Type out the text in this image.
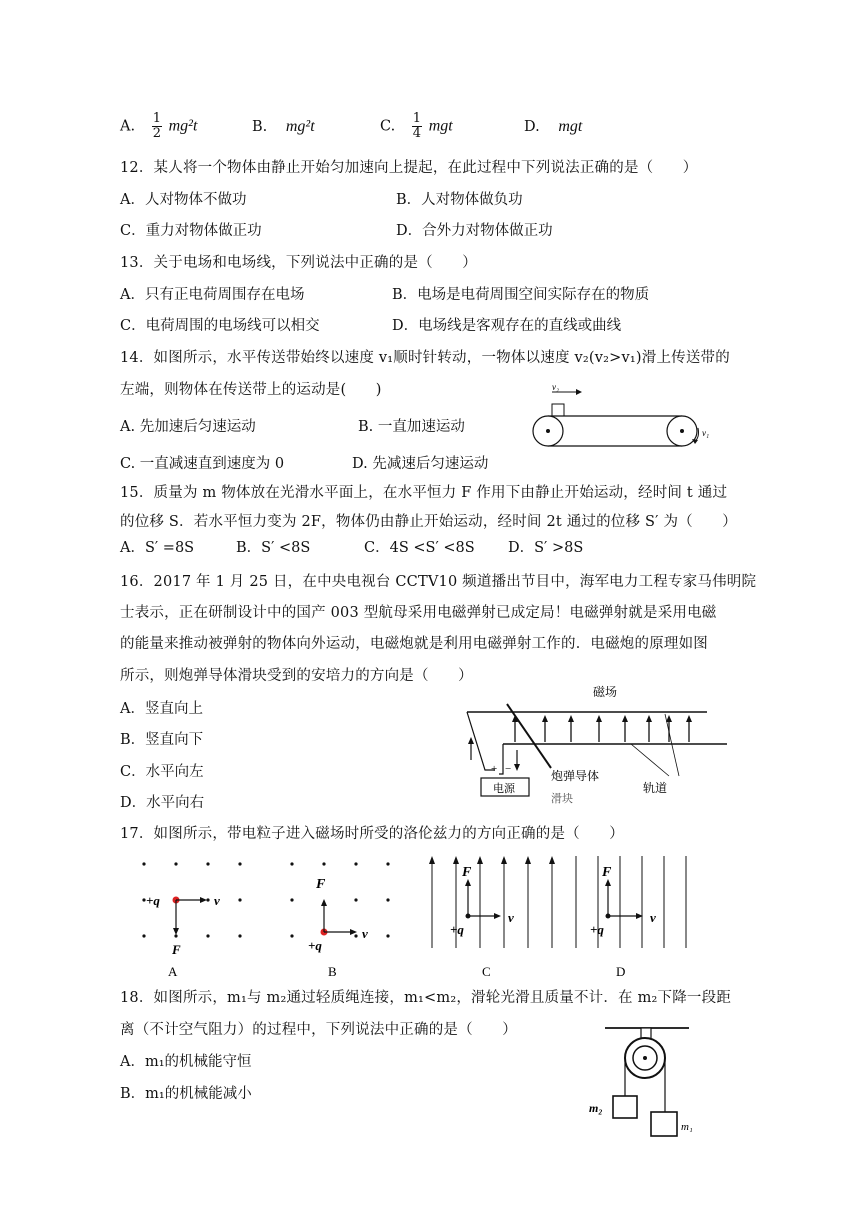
A. $\frac{1}{2} mg^2t$	B. mg²t	C. $\frac{1}{4}$ mgt	D. mgt
12．某人将一个物体由静止开始匀加速向上提起，在此过程中下列说法正确的是（　　）
A．人对物体不做功	B．人对物体做负功
C．重力对物体做正功	D．合外力对物体做正功
13．关于电场和电场线，下列说法中正确的是（　　）
A．只有正电荷周围存在电场	B．电场是电荷周围空间实际存在的物质
C．电荷周围的电场线可以相交	D．电场线是客观存在的直线或曲线
14．如图所示，水平传送带始终以速度 v₁顺时针转动，一物体以速度 v₂(v₂>v₁)滑上传送带的
左端，则物体在传送带上的运动是(　　)
A. 先加速后匀速运动	B. 一直加速运动
C. 一直减速直到速度为 0	D. 先减速后匀速运动
v₂
v₁
15．质量为 m 物体放在光滑水平面上，在水平恒力 F 作用下由静止开始运动，经时间 t 通过
的位移 S．若水平恒力变为 2F，物体仍由静止开始运动，经时间 2t 通过的位移 S′ 为（　　）
A．S′ =8S	B．S′ <8S	C．4S <S′ <8S D．S′ >8S
16．2017 年 1 月 25 日，在中央电视台 CCTV10 频道播出节目中，海军电力工程专家马伟明院
士表示，正在研制设计中的国产 003 型航母采用电磁弹射已成定局！电磁弹射就是采用电磁
的能量来推动被弹射的物体向外运动，电磁炮就是利用电磁弹射工作的．电磁炮的原理如图
所示，则炮弹导体滑块受到的安培力的方向是（　　）
A．竖直向上
B．竖直向下
C．水平向左
D．水平向右
磁场
+ −
电源
炮弹导体
滑块
轨道
17．如图所示，带电粒子进入磁场时所受的洛伦兹力的方向正确的是（　　）
+q	v
F
A
F
+q
v
B
F
+q
v
C
F
+q
v
D
18．如图所示，m₁与 m₂通过轻质绳连接，m₁<m₂，滑轮光滑且质量不计．在 m₂下降一段距
离（不计空气阻力）的过程中，下列说法中正确的是（　　）
A．m₁的机械能守恒
B．m₁的机械能减小
m₂
m₁
